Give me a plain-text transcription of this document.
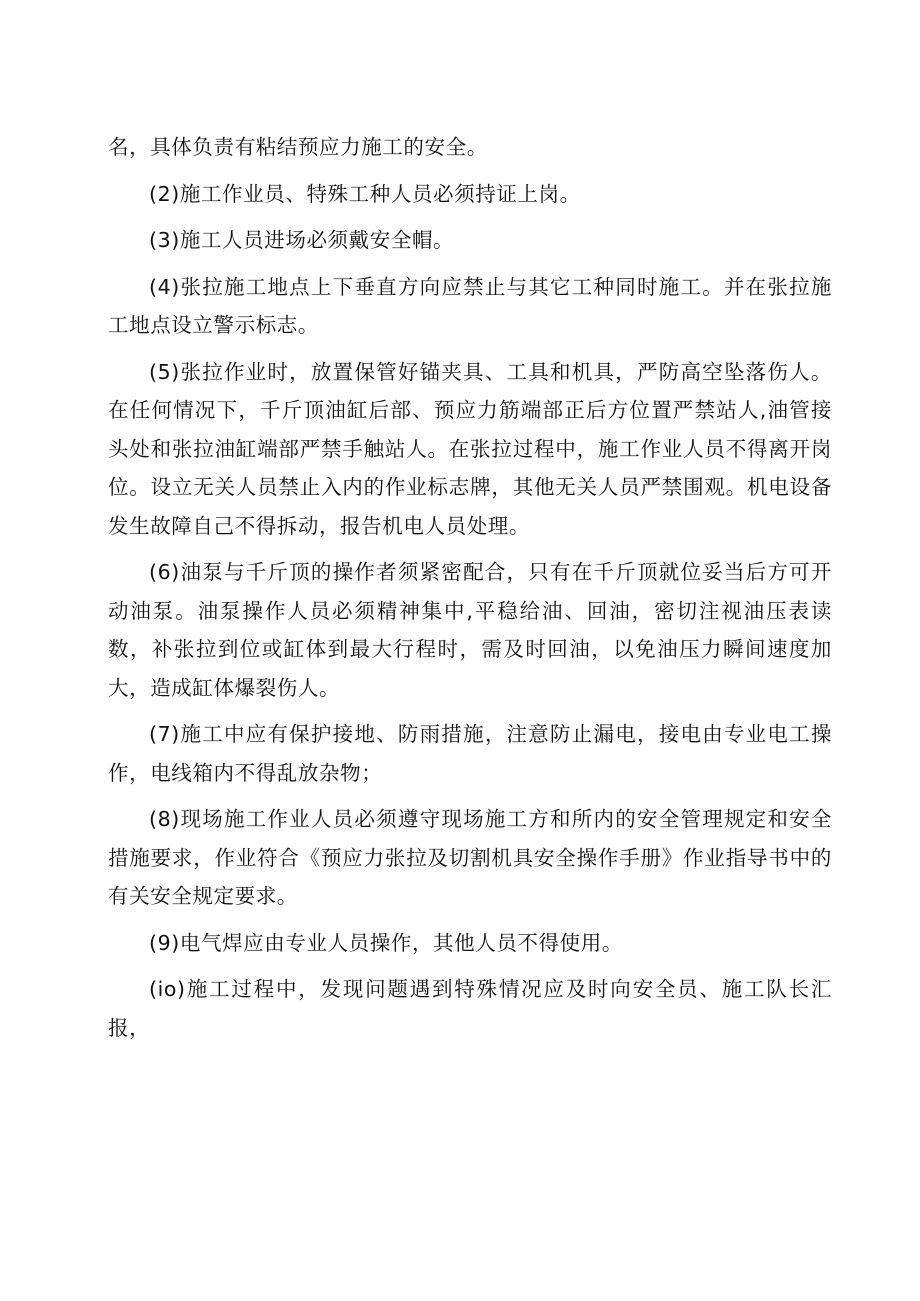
名，具体负责有粘结预应力施工的安全。

(2)施工作业员、特殊工种人员必须持证上岗。

(3)施工人员进场必须戴安全帽。

(4)张拉施工地点上下垂直方向应禁止与其它工种同时施工。并在张拉施工地点设立警示标志。

(5)张拉作业时，放置保管好锚夹具、工具和机具，严防高空坠落伤人。在任何情况下，千斤顶油缸后部、预应力筋端部正后方位置严禁站人,油管接头处和张拉油缸端部严禁手触站人。在张拉过程中，施工作业人员不得离开岗位。设立无关人员禁止入内的作业标志牌，其他无关人员严禁围观。机电设备发生故障自己不得拆动，报告机电人员处理。

(6)油泵与千斤顶的操作者须紧密配合，只有在千斤顶就位妥当后方可开动油泵。油泵操作人员必须精神集中,平稳给油、回油，密切注视油压表读数，补张拉到位或缸体到最大行程时，需及时回油，以免油压力瞬间速度加大，造成缸体爆裂伤人。

(7)施工中应有保护接地、防雨措施，注意防止漏电，接电由专业电工操作，电线箱内不得乱放杂物；

(8)现场施工作业人员必须遵守现场施工方和所内的安全管理规定和安全措施要求，作业符合《预应力张拉及切割机具安全操作手册》作业指导书中的有关安全规定要求。

(9)电气焊应由专业人员操作，其他人员不得使用。

(io)施工过程中，发现问题遇到特殊情况应及时向安全员、施工队长汇报，
